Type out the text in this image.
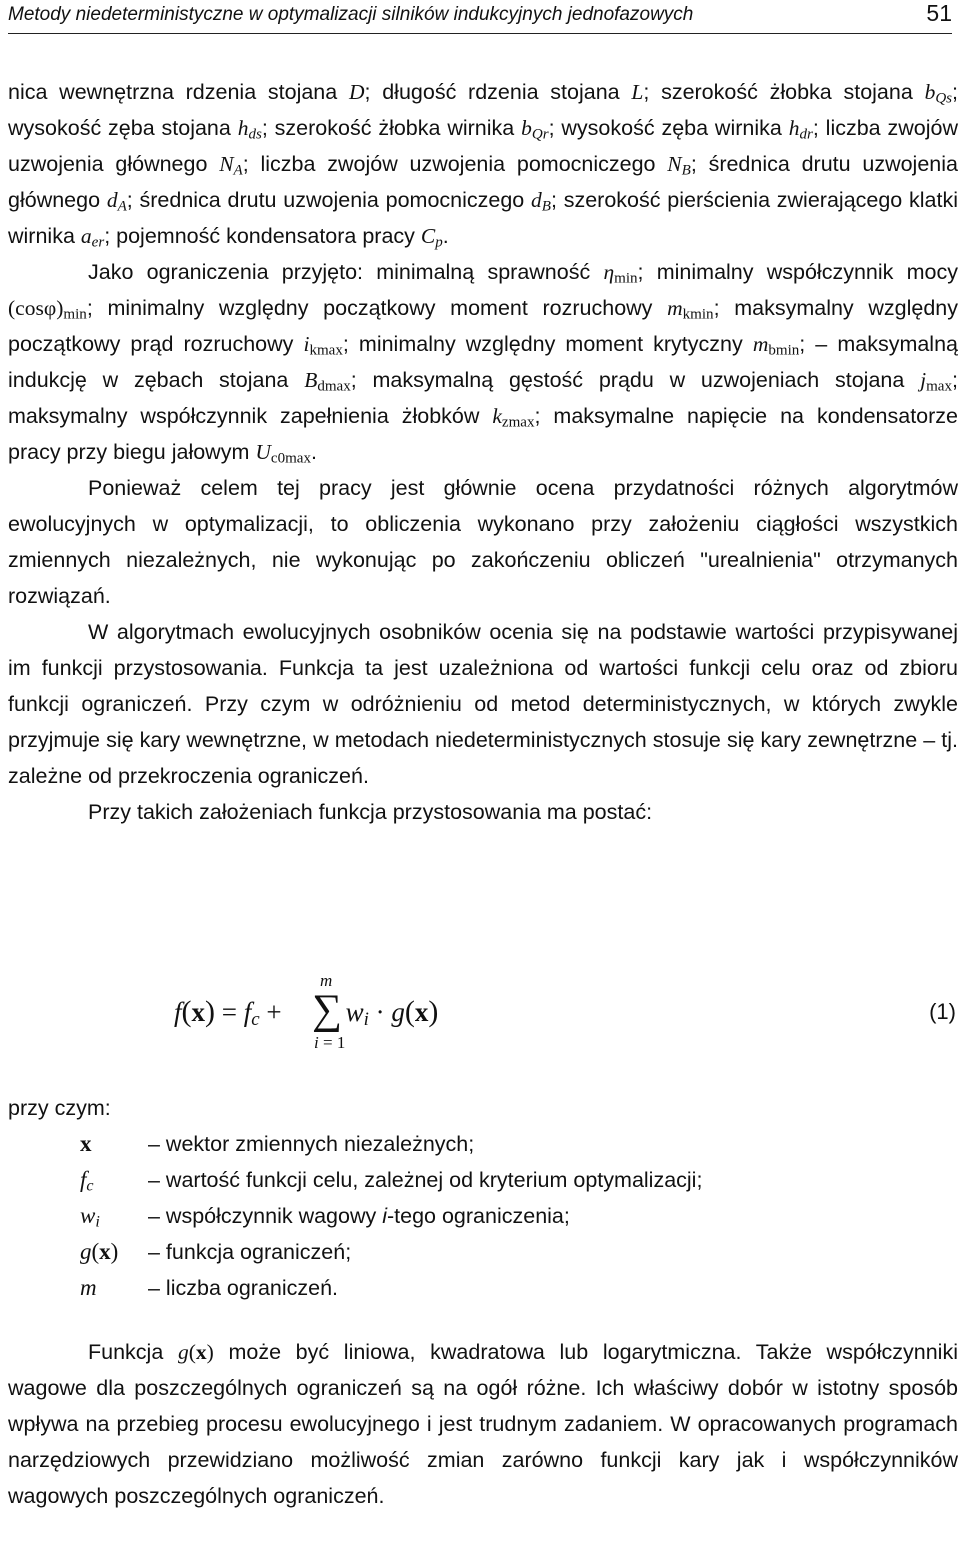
Metody niedeterministyczne w optymalizacji silników indukcyjnych jednofazowych	51

nica wewnętrzna rdzenia stojana D; długość rdzenia stojana L; szerokość żłobka stojana $b_{Qs}$; wysokość zęba stojana $h_{ds}$; szerokość żłobka wirnika $b_{Qr}$; wysokość zęba wirnika $h_{dr}$; liczba zwojów uzwojenia głównego $N_A$; liczba zwojów uzwojenia pomocniczego $N_B$; średnica drutu uzwojenia głównego $d_A$; średnica drutu uzwojenia pomocniczego $d_B$; szerokość pierścienia zwierającego klatki wirnika $a_{er}$; pojemność kondensatora pracy $C_p$.

Jako ograniczenia przyjęto: minimalną sprawność $\eta_{min}$; minimalny współczynnik mocy $(\cos\varphi)_{min}$; minimalny względny początkowy moment rozruchowy $m_{kmin}$; maksymalny względny początkowy prąd rozruchowy $i_{kmax}$; minimalny względny moment krytyczny $m_{bmin}$; – maksymalną indukcję w zębach stojana $B_{dmax}$; maksymalną gęstość prądu w uzwojeniach stojana $j_{max}$; maksymalny współczynnik zapełnienia żłobków $k_{zmax}$; maksymalne napięcie na kondensatorze pracy przy biegu jałowym $U_{c0max}$.

Ponieważ celem tej pracy jest głównie ocena przydatności różnych algorytmów ewolucyjnych w optymalizacji, to obliczenia wykonano przy założeniu ciągłości wszystkich zmiennych niezależnych, nie wykonując po zakończeniu obliczeń "urealnienia" otrzymanych rozwiązań.

W algorytmach ewolucyjnych osobników ocenia się na podstawie wartości przypisywanej im funkcji przystosowania. Funkcja ta jest uzależniona od wartości funkcji celu oraz od zbioru funkcji ograniczeń. Przy czym w odróżnieniu od metod deterministycznych, w których zwykle przyjmuje się kary wewnętrzne, w metodach niedeterministycznych stosuje się kary zewnętrzne – tj. zależne od przekroczenia ograniczeń.

Przy takich założeniach funkcja przystosowania ma postać:

$f(x) = f_c + w_i \cdot g(x)$
∑
m
i = 1
(1)
przy czym:
x	– wektor zmiennych niezależnych;
$f_c$	– wartość funkcji celu, zależnej od kryterium optymalizacji;
$w_i$ – współczynnik wagowy i-tego ograniczenia;
g(x) – funkcja ograniczeń;
m – liczba ograniczeń.

Funkcja g(x) może być liniowa, kwadratowa lub logarytmiczna. Także współczynniki wagowe dla poszczególnych ograniczeń są na ogół różne. Ich właściwy dobór w istotny sposób wpływa na przebieg procesu ewolucyjnego i jest trudnym zadaniem. W opracowanych programach narzędziowych przewidziano możliwość zmian zarówno funkcji kary jak i współczynników wagowych poszczególnych ograniczeń.
